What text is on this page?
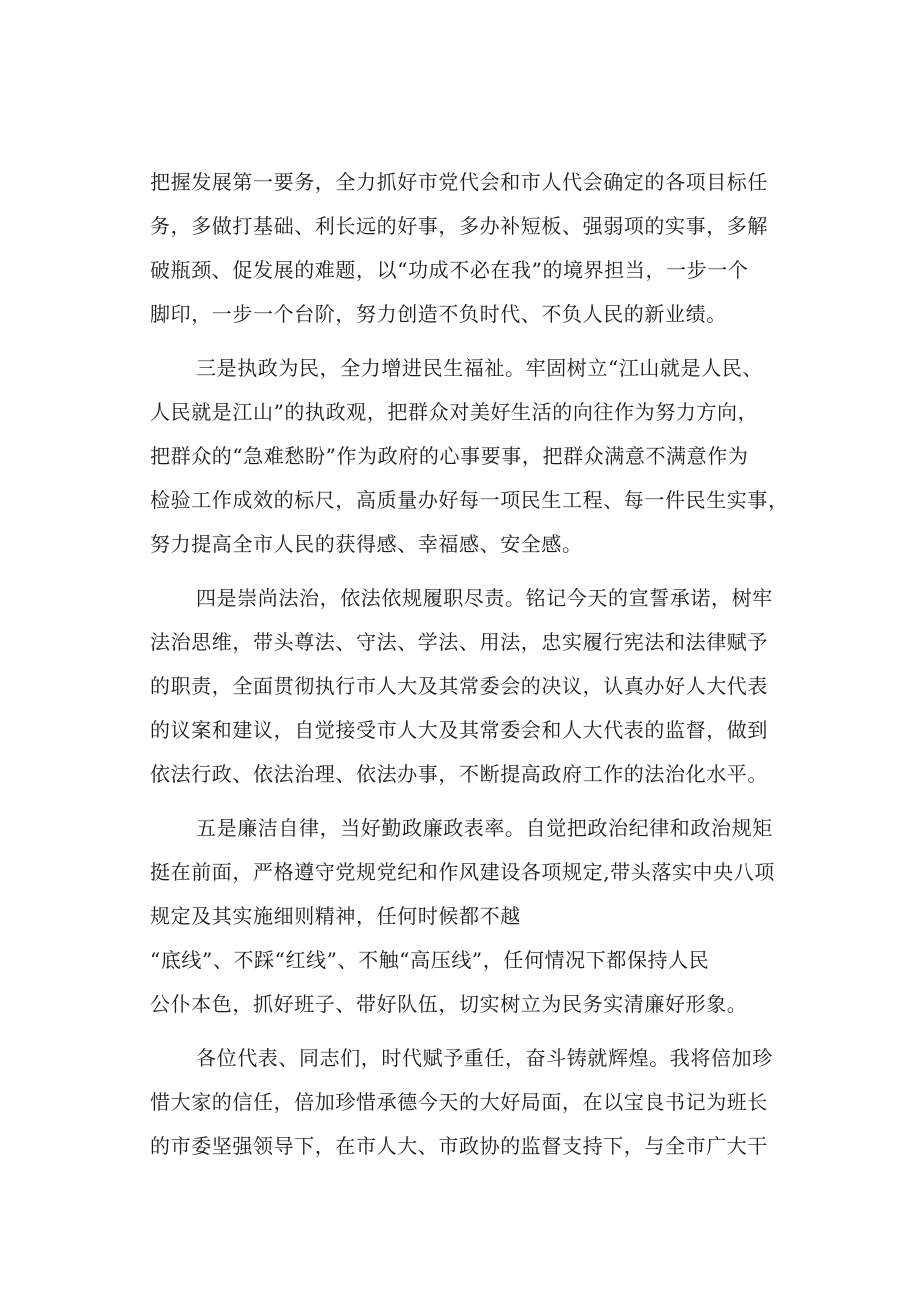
把握发展第一要务，全力抓好市党代会和市人代会确定的各项目标任
务，多做打基础、利长远的好事，多办补短板、强弱项的实事，多解
破瓶颈、促发展的难题，以“功成不必在我”的境界担当，一步一个
脚印，一步一个台阶，努力创造不负时代、不负人民的新业绩。
三是执政为民，全力增进民生福祉。牢固树立“江山就是人民、
人民就是江山”的执政观，把群众对美好生活的向往作为努力方向，
把群众的“急难愁盼”作为政府的心事要事，把群众满意不满意作为
检验工作成效的标尺，高质量办好每一项民生工程、每一件民生实事，
努力提高全市人民的获得感、幸福感、安全感。
四是崇尚法治，依法依规履职尽责。铭记今天的宣誓承诺，树牢
法治思维，带头尊法、守法、学法、用法，忠实履行宪法和法律赋予
的职责，全面贯彻执行市人大及其常委会的决议，认真办好人大代表
的议案和建议，自觉接受市人大及其常委会和人大代表的监督，做到
依法行政、依法治理、依法办事，不断提高政府工作的法治化水平。
五是廉洁自律，当好勤政廉政表率。自觉把政治纪律和政治规矩
挺在前面，严格遵守党规党纪和作风建设各项规定,带头落实中央八项
规定及其实施细则精神，任何时候都不越
“底线”、不踩“红线”、不触“高压线”，任何情况下都保持人民
公仆本色，抓好班子、带好队伍，切实树立为民务实清廉好形象。
各位代表、同志们，时代赋予重任，奋斗铸就辉煌。我将倍加珍
惜大家的信任，倍加珍惜承德今天的大好局面，在以宝良书记为班长
的市委坚强领导下，在市人大、市政协的监督支持下，与全市广大干
